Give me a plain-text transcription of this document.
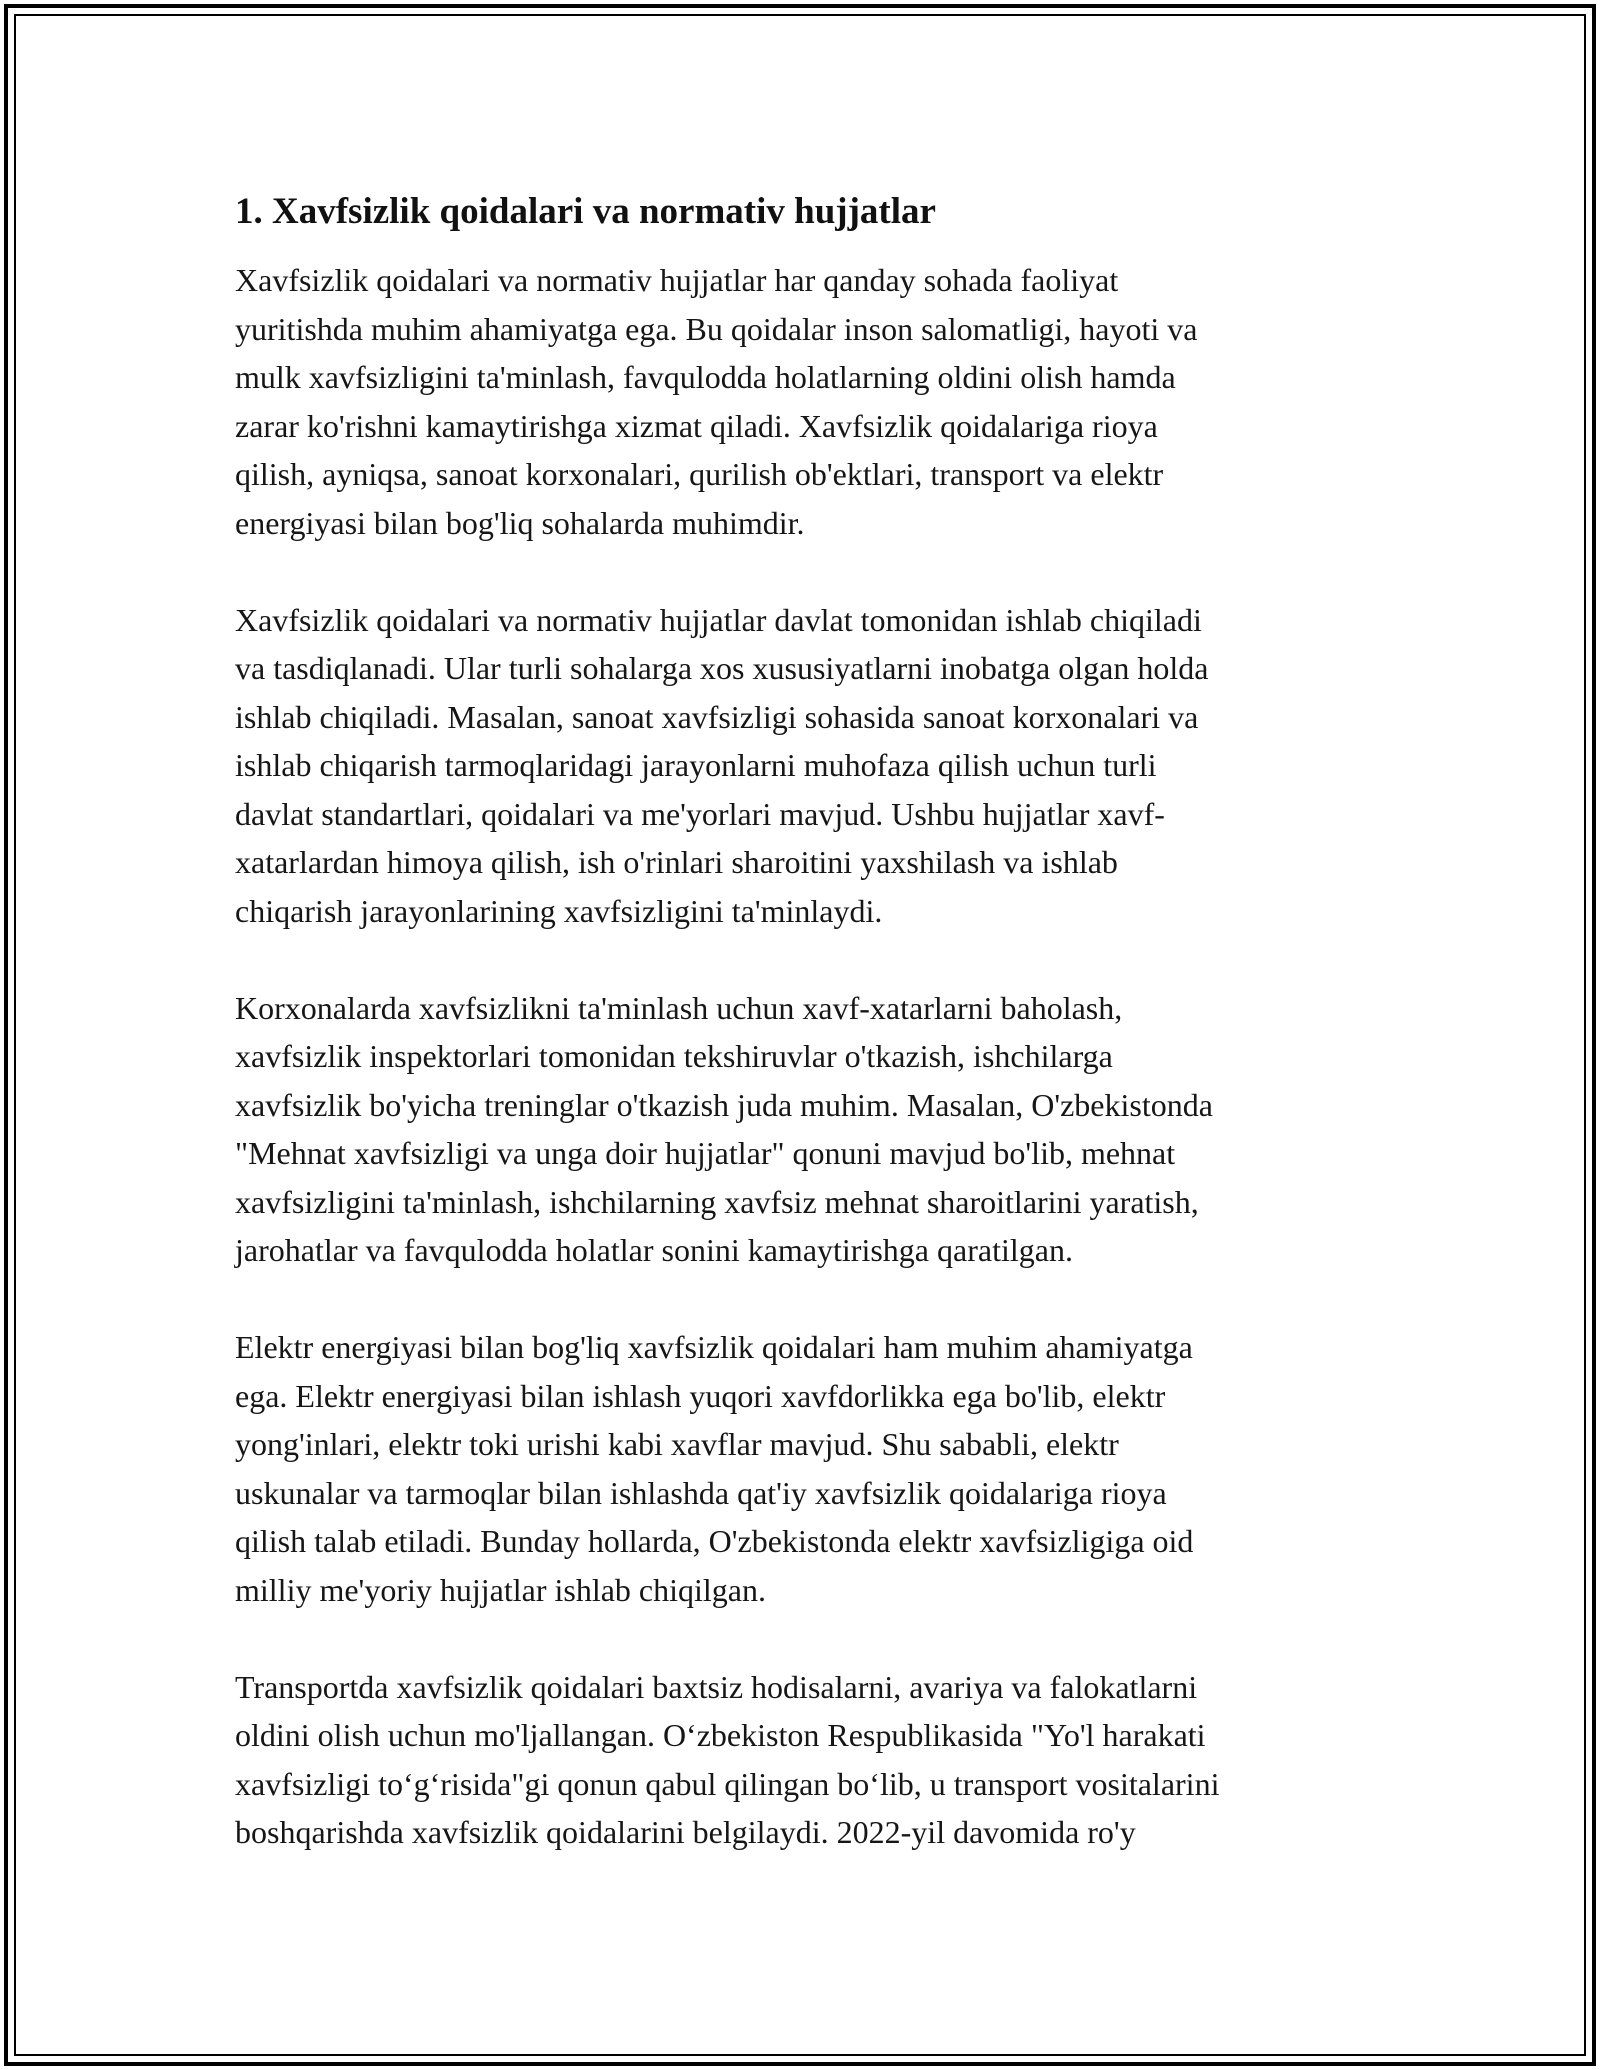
1. Xavfsizlik qoidalari va normativ hujjatlar

Xavfsizlik qoidalari va normativ hujjatlar har qanday sohada faoliyat
yuritishda muhim ahamiyatga ega. Bu qoidalar inson salomatligi, hayoti va
mulk xavfsizligini ta'minlash, favqulodda holatlarning oldini olish hamda
zarar ko'rishni kamaytirishga xizmat qiladi. Xavfsizlik qoidalariga rioya
qilish, ayniqsa, sanoat korxonalari, qurilish ob'ektlari, transport va elektr
energiyasi bilan bog'liq sohalarda muhimdir.

Xavfsizlik qoidalari va normativ hujjatlar davlat tomonidan ishlab chiqiladi
va tasdiqlanadi. Ular turli sohalarga xos xususiyatlarni inobatga olgan holda
ishlab chiqiladi. Masalan, sanoat xavfsizligi sohasida sanoat korxonalari va
ishlab chiqarish tarmoqlaridagi jarayonlarni muhofaza qilish uchun turli
davlat standartlari, qoidalari va me'yorlari mavjud. Ushbu hujjatlar xavf-
xatarlardan himoya qilish, ish o'rinlari sharoitini yaxshilash va ishlab
chiqarish jarayonlarining xavfsizligini ta'minlaydi.

Korxonalarda xavfsizlikni ta'minlash uchun xavf-xatarlarni baholash,
xavfsizlik inspektorlari tomonidan tekshiruvlar o'tkazish, ishchilarga
xavfsizlik bo'yicha treninglar o'tkazish juda muhim. Masalan, O'zbekistonda
"Mehnat xavfsizligi va unga doir hujjatlar" qonuni mavjud bo'lib, mehnat
xavfsizligini ta'minlash, ishchilarning xavfsiz mehnat sharoitlarini yaratish,
jarohatlar va favqulodda holatlar sonini kamaytirishga qaratilgan.

Elektr energiyasi bilan bog'liq xavfsizlik qoidalari ham muhim ahamiyatga
ega. Elektr energiyasi bilan ishlash yuqori xavfdorlikka ega bo'lib, elektr
yong'inlari, elektr toki urishi kabi xavflar mavjud. Shu sababli, elektr
uskunalar va tarmoqlar bilan ishlashda qat'iy xavfsizlik qoidalariga rioya
qilish talab etiladi. Bunday hollarda, O'zbekistonda elektr xavfsizligiga oid
milliy me'yoriy hujjatlar ishlab chiqilgan.

Transportda xavfsizlik qoidalari baxtsiz hodisalarni, avariya va falokatlarni
oldini olish uchun mo'ljallangan. O‘zbekiston Respublikasida "Yo'l harakati
xavfsizligi to‘g‘risida"gi qonun qabul qilingan bo‘lib, u transport vositalarini
boshqarishda xavfsizlik qoidalarini belgilaydi. 2022-yil davomida ro'y
